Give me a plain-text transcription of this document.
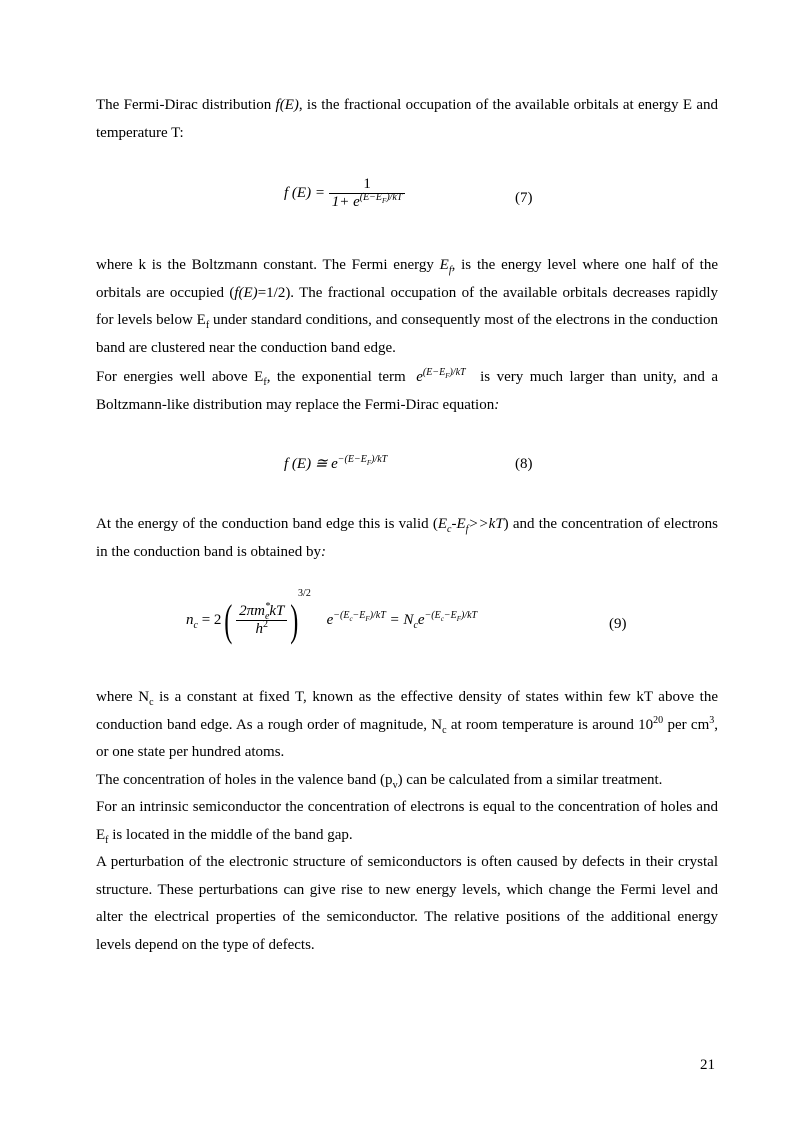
The Fermi-Dirac distribution f(E), is the fractional occupation of the available orbitals at energy E and temperature T:

f $(E) = \frac{1}{1+ e^{(E-E_F)/kT}}$	(7)

where k is the Boltzmann constant. The Fermi energy $E_f$, is the energy level where one half of the orbitals are occupied (f(E)=1/2). The fractional occupation of the available orbitals decreases rapidly for levels below $E_f$ under standard conditions, and consequently most of the electrons in the conduction band are clustered near the conduction band edge.

For energies well above $E_f$, the exponential term $e^{(E-E_F)/kT}$ is very much larger than unity, and a Boltzmann-like distribution may replace the Fermi-Dirac equation:

f (E) ≅ $e^{-(E-E_F)/kT}$	(8)

At the energy of the conduction band edge this is valid $(E_c-E_f>>kT)$ and the concentration of electrons in the conduction band is obtained by:

$n_c = 2( \frac{2\pi m^*_ekT}{h^2} )^{3/2}$ $e^{-(E_c-E_F)/kT} = N_ce^{-(E_c-E_F)/kT}$
(9)

where $N_c$ is a constant at fixed T, known as the effective density of states within few kT above the conduction band edge. As a rough order of magnitude, $N_c$ at room temperature is around $10^{20}$ per $cm^3$, or one state per hundred atoms.

The concentration of holes in the valence band $(p_v)$ can be calculated from a similar treatment.

For an intrinsic semiconductor the concentration of electrons is equal to the concentration of holes and $E_f$ is located in the middle of the band gap.

A perturbation of the electronic structure of semiconductors is often caused by defects in their crystal structure. These perturbations can give rise to new energy levels, which change the Fermi level and alter the electrical properties of the semiconductor. The relative positions of the additional energy levels depend on the type of defects.

21
